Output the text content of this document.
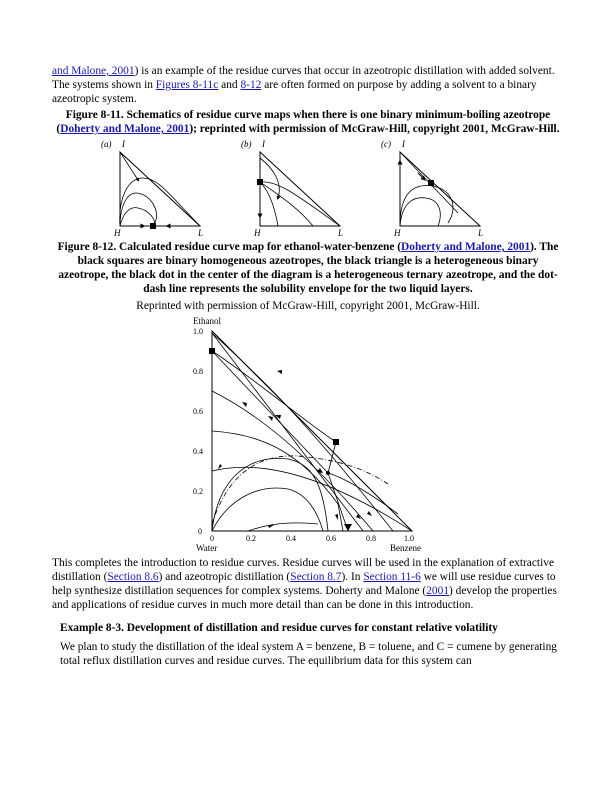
and Malone, 2001) is an example of the residue curves that occur in azeotropic distillation with added solvent. The systems shown in Figures 8-11c and 8-12 are often formed on purpose by adding a solvent to a binary azeotropic system.

Figure 8-11. Schematics of residue curve maps when there is one binary minimum-boiling azeotrope (Doherty and Malone, 2001); reprinted with permission of McGraw-Hill, copyright 2001, McGraw-Hill.
(a) I
H	L
(b) I
H	L
(c) I
H	L
Figure 8-12. Calculated residue curve map for ethanol-water-benzene (Doherty and Malone, 2001). The black squares are binary homogeneous azeotropes, the black triangle is a heterogeneous binary azeotrope, the black dot in the center of the diagram is a heterogeneous ternary azeotrope, and the dot-dash line represents the solubility envelope for the two liquid layers.
Reprinted with permission of McGraw-Hill, copyright 2001, McGraw-Hill.
Ethanol
1.0
0.8
0.6
0.4
0.2
0
0	0.2	0.4	0.6	0.8	1.0
Water	Benzene

This completes the introduction to residue curves. Residue curves will be used in the explanation of extractive distillation (Section 8.6) and azeotropic distillation (Section 8.7). In Section 11-6 we will use residue curves to help synthesize distillation sequences for complex systems. Doherty and Malone (2001) develop the properties and applications of residue curves in much more detail than can be done in this introduction.

Example 8-3. Development of distillation and residue curves for constant relative volatility

We plan to study the distillation of the ideal system A = benzene, B = toluene, and C = cumene by generating total reflux distillation curves and residue curves. The equilibrium data for this system can
